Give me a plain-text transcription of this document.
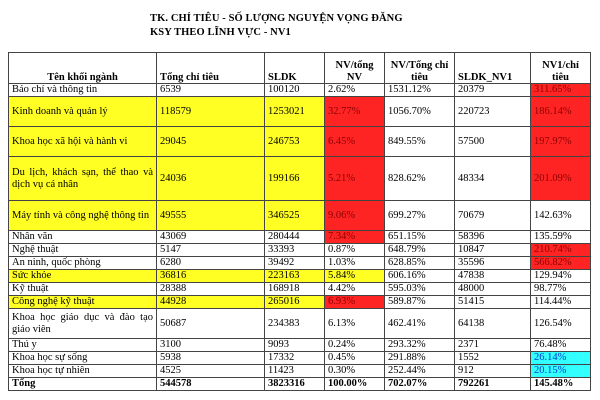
TK. CHỈ TIÊU - SỐ LƯỢNG NGUYỆN VỌNG ĐĂNG
KSY THEO LĨNH VỰC - NV1
Tên khối ngành	Tổng chỉ tiêu	SLDK	NV/tổng NV	NV/Tổng chỉ tiêu	SLDK_NV1	NV1/chỉ tiêu
Báo chí và thông tin	6539	100120	2.62%	1531.12%	20379	311.65%
Kinh doanh và quản lý	118579	1253021	32.77%	1056.70%	220723	186.14%
Khoa học xã hội và hành vi	29045	246753	6.45%	849.55%	57500	197.97%
Du lịch, khách sạn, thể thao và dịch vụ cá nhân	24036	199166	5.21%	828.62%	48334	201.09%
Máy tính và công nghệ thông tin	49555	346525	9.06%	699.27%	70679	142.63%
Nhân văn	43069	280444	7.34%	651.15%	58396	135.59%
Nghệ thuật	5147	33393	0.87%	648.79%	10847	210.74%
An ninh, quốc phòng	6280	39492	1.03%	628.85%	35596	566.82%
Sức khỏe	36816	223163	5.84%	606.16%	47838	129.94%
Kỹ thuật	28388	168918	4.42%	595.03%	48000	98.77%
Công nghệ kỹ thuật	44928	265016	6.93%	589.87%	51415	114.44%
Khoa học giáo dục và đào tạo giáo viên	50687	234383	6.13%	462.41%	64138	126.54%
Thú y	3100	9093	0.24%	293.32%	2371	76.48%
Khoa học sự sống	5938	17332	0.45%	291.88%	1552	26.14%
Khoa học tự nhiên	4525	11423	0.30%	252.44%	912	20.15%
Tổng	544578	3823316	100.00%	702.07%	792261	145.48%
